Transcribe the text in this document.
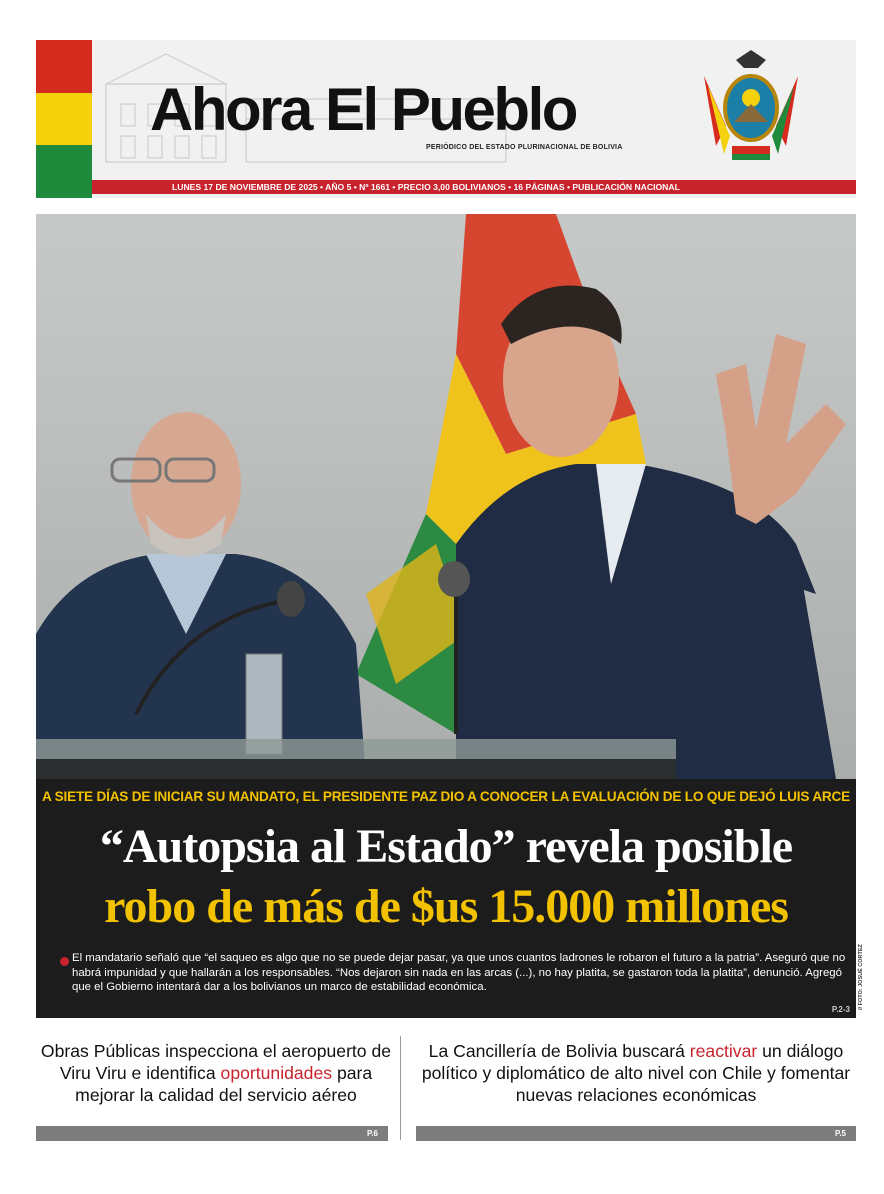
Ahora El Pueblo
PERIÓDICO DEL ESTADO PLURINACIONAL DE BOLIVIA
LUNES 17 DE NOVIEMBRE DE 2025 • AÑO 5 • Nº 1661 • PRECIO 3,00 BOLIVIANOS • 16 PÁGINAS • PUBLICACIÓN NACIONAL
A SIETE DÍAS DE INICIAR SU MANDATO, EL PRESIDENTE PAZ DIO A CONOCER LA EVALUACIÓN DE LO QUE DEJÓ LUIS ARCE
“Autopsia al Estado” revela posible
robo de más de $us 15.000 millones
El mandatario señaló que “el saqueo es algo que no se puede dejar pasar, ya que unos cuantos ladrones le robaron el futuro a la patria”. Aseguró que no habrá impunidad y que hallarán a los responsables. “Nos dejaron sin nada en las arcas (...), no hay platita, se gastaron toda la platita”, denunció. Agregó que el Gobierno intentará dar a los bolivianos un marco de estabilidad económica.
P.2-3 // FOTO: JOSUÉ CORTEZ
Obras Públicas inspecciona el aeropuerto de Viru Viru e identifica oportunidades para mejorar la calidad del servicio aéreo
La Cancillería de Bolivia buscará reactivar un diálogo político y diplomático de alto nivel con Chile y fomentar nuevas relaciones económicas
P.6	P.5
